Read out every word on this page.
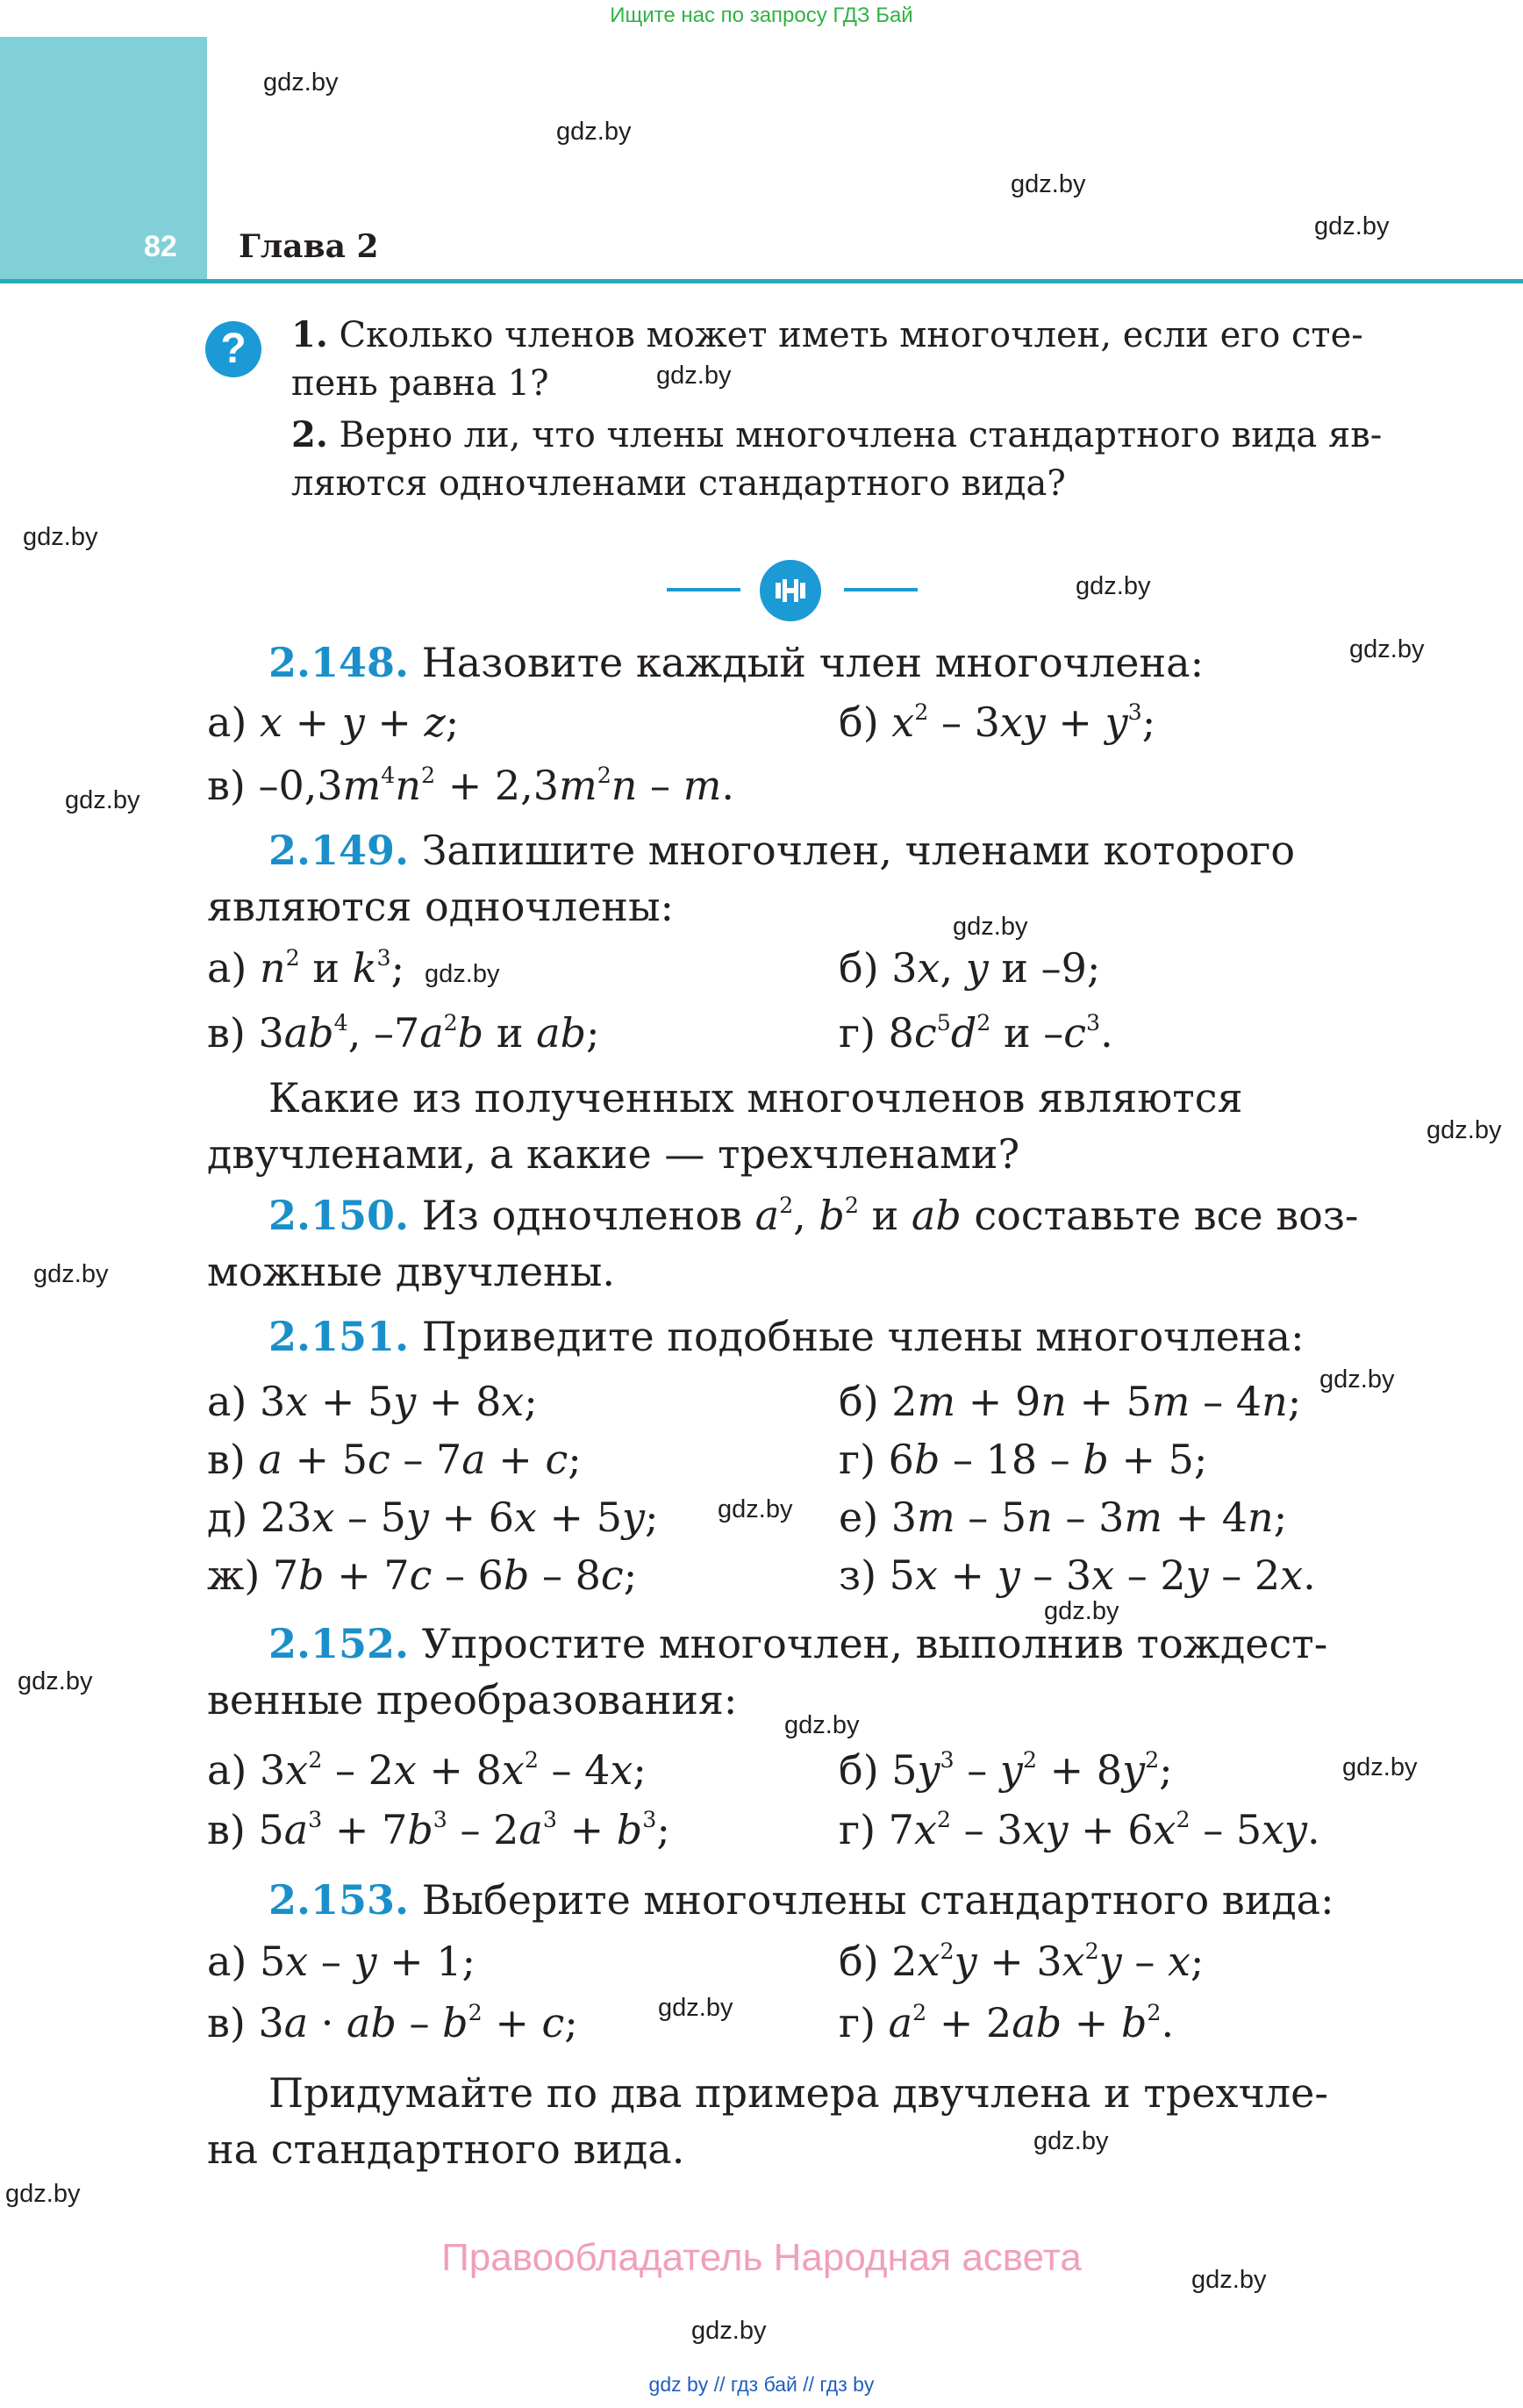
Ищите нас по запросу ГДЗ Бай
82 Глава 2
gdz.by
gdz.by
gdz.by
gdz.by
gdz.by
gdz.by
gdz.by
gdz.by
gdz.by
gdz.by
gdz.by
gdz.by
gdz.by
gdz.by
gdz.by
gdz.by
gdz.by
gdz.by
gdz.by
gdz.by
gdz.by
gdz.by
gdz.by
?	1. Сколько членов может иметь многочлен, если его сте-
пень равна 1?
2. Верно ли, что члены многочлена стандартного вида яв-
ляются одночленами стандартного вида?
2.148. Назовите каждый член многочлена:
а) x + y + z;	б) $x^2 - 3xy + y^3$;
в) $-0,3m^4n^2 + 2,3m^2n - m$.
2.149. Запишите многочлен, членами которого
являются одночлены:
а) $n^2$ и $k^3$; gdz.by	б) 3x, y и –9;
в) $3ab^4$, $-7a^2b$ и ab;	г) $8c^5d^2$ и $-c^3$.
Какие из полученных многочленов являются
двучленами, а какие — трехчленами?
2.150. Из одночленов $a^2$, $b^2$ и ab составьте все воз-
можные двучлены.
2.151. Приведите подобные члены многочлена:
а) 3x + 5y + 8x;	б) 2m + 9n + 5m – 4n;
в) a + 5c – 7a + c;	г) 6b – 18 – b + 5;
д) 23x – 5y + 6x + 5y;	е) 3m – 5n – 3m + 4n;
ж) 7b + 7c – 6b – 8c;	з) 5x + y – 3x – 2y – 2x.
2.152. Упростите многочлен, выполнив тождест-
венные преобразования:
а) $3x^2 - 2x + 8x^2 - 4x$;	б) $5y^3 - y^2 + 8y^2$;
в) $5a^3 + 7b^3 - 2a^3 + b^3$;	г) $7x^2 - 3xy + 6x^2 - 5xy$.
2.153. Выберите многочлены стандартного вида:
а) 5x – y + 1;	б) $2x^2y + 3x^2y - x$;
в) 3a · ab – $b^2 + c$;	г) $a^2 + 2ab + b^2$.
Придумайте по два примера двучлена и трехчле-
на стандартного вида.
Правообладатель Народная асвета
gdz by // гдз бай // гдз by
